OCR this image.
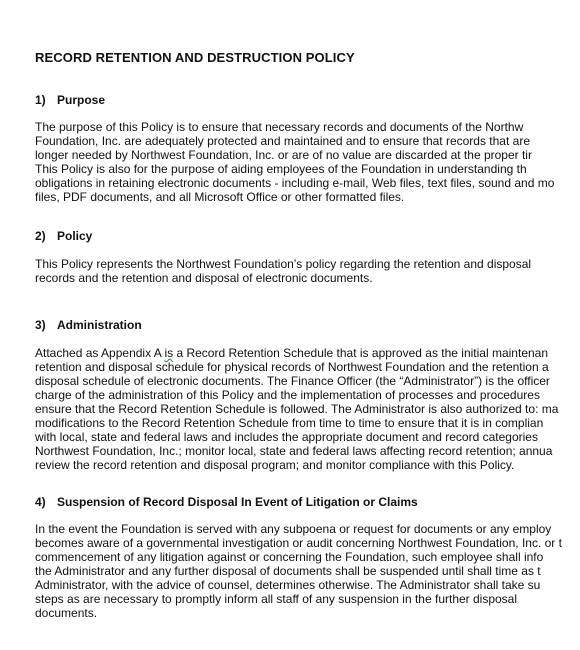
RECORD RETENTION AND DESTRUCTION POLICY
1) Purpose
The purpose of this Policy is to ensure that necessary records and documents of the Northw
Foundation, Inc. are adequately protected and maintained and to ensure that records that are
longer needed by Northwest Foundation, Inc. or are of no value are discarded at the proper tir
This Policy is also for the purpose of aiding employees of the Foundation in understanding th
obligations in retaining electronic documents - including e-mail, Web files, text files, sound and mo
files, PDF documents, and all Microsoft Office or other formatted files.
2) Policy
This Policy represents the Northwest Foundation’s policy regarding the retention and disposal
records and the retention and disposal of electronic documents.
3) Administration
Attached as Appendix A is a Record Retention Schedule that is approved as the initial maintenan
retention and disposal schedule for physical records of Northwest Foundation and the retention a
disposal schedule of electronic documents. The Finance Officer (the “Administrator”) is the officer
charge of the administration of this Policy and the implementation of processes and procedures
ensure that the Record Retention Schedule is followed. The Administrator is also authorized to: ma
modifications to the Record Retention Schedule from time to time to ensure that it is in complian
with local, state and federal laws and includes the appropriate document and record categories
Northwest Foundation, Inc.; monitor local, state and federal laws affecting record retention; annua
review the record retention and disposal program; and monitor compliance with this Policy.
4) Suspension of Record Disposal In Event of Litigation or Claims
In the event the Foundation is served with any subpoena or request for documents or any employ
becomes aware of a governmental investigation or audit concerning Northwest Foundation, Inc. or t
commencement of any litigation against or concerning the Foundation, such employee shall info
the Administrator and any further disposal of documents shall be suspended until shall time as t
Administrator, with the advice of counsel, determines otherwise. The Administrator shall take su
steps as are necessary to promptly inform all staff of any suspension in the further disposal
documents.
